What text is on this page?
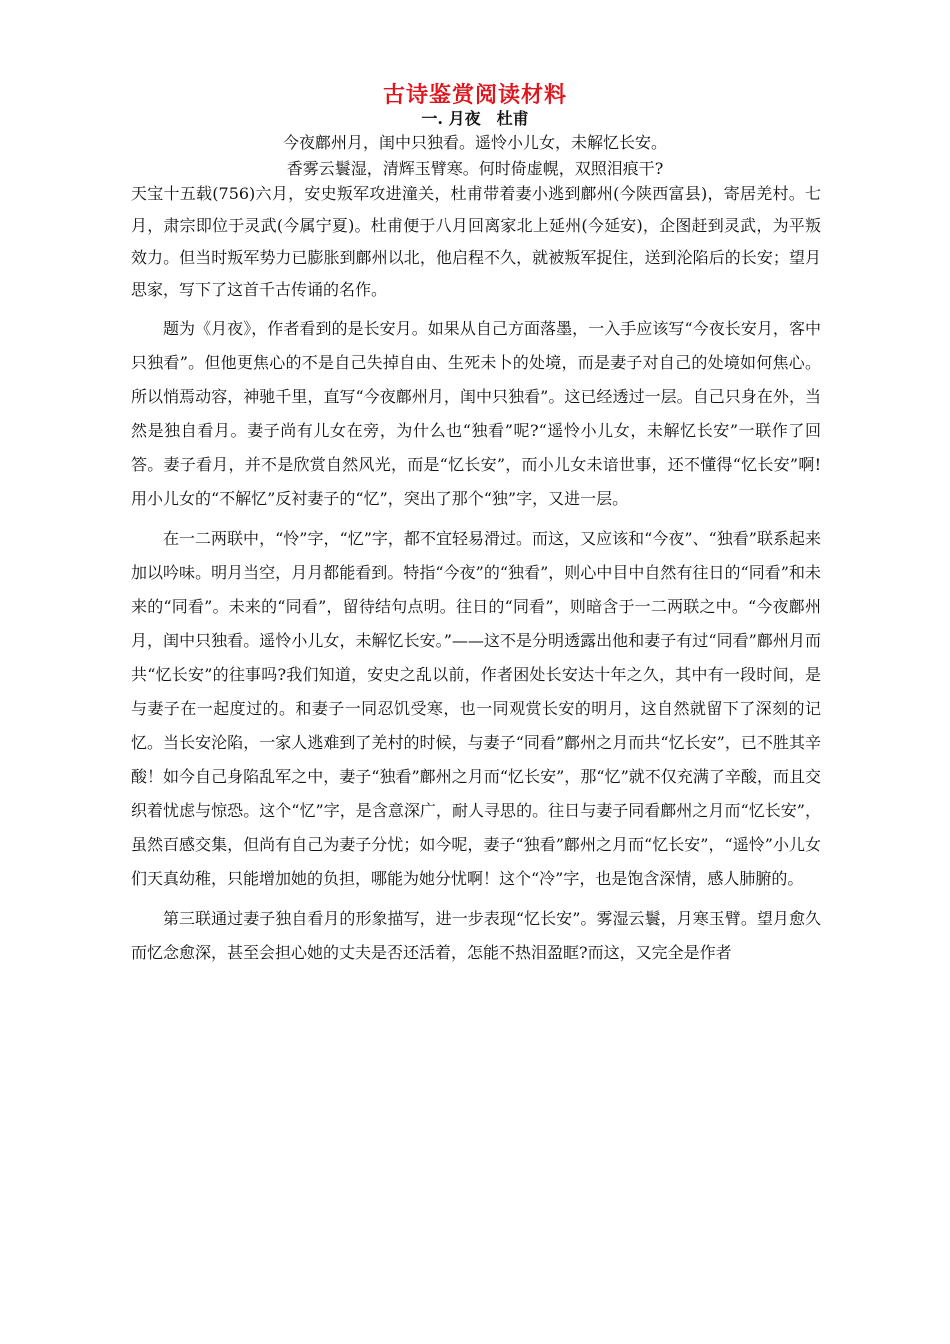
古诗鉴赏阅读材料
一. 月夜　杜甫
今夜鄜州月，闺中只独看。遥怜小儿女，未解忆长安。
香雾云鬟湿，清辉玉臂寒。何时倚虚幌，双照泪痕干?

天宝十五载(756)六月，安史叛军攻进潼关，杜甫带着妻小逃到鄜州(今陕西富县)，寄居羌村。七月，肃宗即位于灵武(今属宁夏)。杜甫便于八月回离家北上延州(今延安)，企图赶到灵武，为平叛效力。但当时叛军势力已膨胀到鄜州以北，他启程不久，就被叛军捉住，送到沦陷后的长安；望月思家，写下了这首千古传诵的名作。

题为《月夜》，作者看到的是长安月。如果从自己方面落墨，一入手应该写“今夜长安月，客中只独看”。但他更焦心的不是自己失掉自由、生死未卜的处境，而是妻子对自己的处境如何焦心。所以悄焉动容，神驰千里，直写“今夜鄜州月，闺中只独看”。这已经透过一层。自己只身在外，当然是独自看月。妻子尚有儿女在旁，为什么也“独看”呢?“遥怜小儿女，未解忆长安”一联作了回答。妻子看月，并不是欣赏自然风光，而是“忆长安”，而小儿女未谙世事，还不懂得“忆长安”啊!用小儿女的“不解忆”反衬妻子的“忆”，突出了那个“独”字，又进一层。

在一二两联中，“怜”字，“忆”字，都不宜轻易滑过。而这，又应该和“今夜”、“独看”联系起来加以吟味。明月当空，月月都能看到。特指“今夜”的“独看”，则心中目中自然有往日的“同看”和未来的“同看”。未来的“同看”，留待结句点明。往日的“同看”，则暗含于一二两联之中。“今夜鄜州月，闺中只独看。遥怜小儿女，未解忆长安。”——这不是分明透露出他和妻子有过“同看”鄜州月而共“忆长安”的往事吗?我们知道，安史之乱以前，作者困处长安达十年之久，其中有一段时间，是与妻子在一起度过的。和妻子一同忍饥受寒，也一同观赏长安的明月，这自然就留下了深刻的记忆。当长安沦陷，一家人逃难到了羌村的时候，与妻子“同看”鄜州之月而共“忆长安”，已不胜其辛酸！如今自己身陷乱军之中，妻子“独看”鄜州之月而“忆长安”，那“忆”就不仅充满了辛酸，而且交织着忧虑与惊恐。这个“忆”字，是含意深广，耐人寻思的。往日与妻子同看鄜州之月而“忆长安”，虽然百感交集，但尚有自己为妻子分忧；如今呢，妻子“独看”鄜州之月而“忆长安”，“遥怜”小儿女们天真幼稚，只能增加她的负担，哪能为她分忧啊！这个“冷”字，也是饱含深情，感人肺腑的。

第三联通过妻子独自看月的形象描写，进一步表现“忆长安”。雾湿云鬟，月寒玉臂。望月愈久而忆念愈深，甚至会担心她的丈夫是否还活着，怎能不热泪盈眶?而这，又完全是作者
